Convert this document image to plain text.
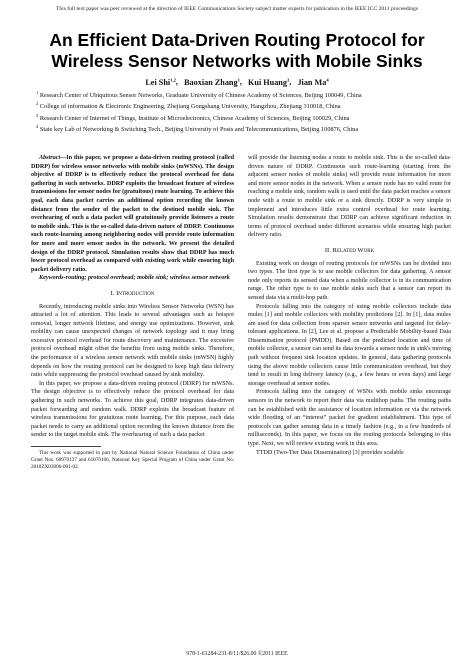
This full text paper was peer reviewed at the direction of IEEE Communications Society subject matter experts for publication in the IEEE ICC 2011 proceedings
An Efficient Data-Driven Routing Protocol for
Wireless Sensor Networks with Mobile Sinks
Lei Shi$^{1,2}$,   Baoxian Zhang$^1$,   Kui Huang$^3$,   Jian Ma$^4$
$^1$ Research Center of Ubiquitous Sensor Networks, Graduate University of Chinese Academy of Sciences, Beijing 100049, China
$^2$ College of information & Electronic Engineering, Zhejiang Gongshang University, Hangzhou, Zhejiang 310018, China
$^3$ Research Center of Internet of Things, Institute of Microelectronics, Chinese Academy of Sciences, Beijing 100029, China
$^4$ State key Lab of Networking & Switching Tech., Beijing University of Posts and Telecommunications, Beijing 100876, China

Abstract—In this paper, we propose a data-driven routing protocol (called DDRP) for wireless sensor networks with mobile sinks (mWSNs). The design objective of DDRP is to effectively reduce the protocol overhead for data gathering in such networks. DDRP exploits the broadcast feature of wireless transmissions for sensor nodes for (gratuitous) route learning. To achieve this goal, each data packet carries an additional option recording the known distance from the sender of the packet to the destined mobile sink. The overhearing of such a data packet will gratuitously provide listeners a route to mobile sink. This is the so-called data-driven nature of DDRP. Continuous such route-learning among neighboring nodes will provide route information for more and more sensor nodes in the network. We present the detailed design of the DDRP protocol. Simulation results show that DDRP has much lower protocol overhead as compared with existing work while ensuring high packet delivery ratio.

Keywords-routing; protocol overhead; mobile sink; wireless sensor network

I. Introduction

Recently, introducing mobile sinks into Wireless Sensor Networks (WSN) has attracted a lot of attention. This leads to several advantages such as hotspot removal, longer network lifetime, and energy use optimizations. However, sink mobility can cause unexpected changes of network topology and it may bring excessive protocol overhead for route discovery and maintenance. The excessive protocol overhead might offset the benefits from using mobile sinks. Therefore, the performance of a wireless sensor network with mobile sinks (mWSN) highly depends on how the routing protocol can be designed to keep high data delivery ratio while suppressing the protocol overhead caused by sink mobility.

In this paper, we propose a data-driven routing protocol (DDRP) for mWSNs. The design objective is to effectively reduce the protocol overhead for data gathering in such networks. To achieve this goal, DDRP integrates data-driven packet forwarding and random walk. DDRP exploits the broadcast feature of wireless transmissions for gratuitous route learning. For this purpose, each data packet needs to carry an additional option recording the known distance from the sender to the target mobile sink. The overhearing of such a data packet

This work was supported in part by National Natural Science Foundation of China under Grant Nos. 60970137 and 61070166, National Key Special Program of China under Grant No. 2010ZX03006-001-02.

will provide the listening nodes a route to mobile sink. This is the so-called data-driven nature of DDRP. Continuous such route-learning (starting from the adjacent sensor nodes of mobile sinks) will provide route information for more and more sensor nodes in the network. When a sensor node has no valid route for reaching a mobile sink, random walk is used until the data packet reaches a sensor node with a route to mobile sink or a sink directly. DDRP is very simple to implement and introduces little extra control overhead for route learning. Simulation results demonstrate that DDRP can achieve significant reduction in terms of protocol overhead under different scenarios while ensuring high packet delivery ratio.

II. Related Work

Existing work on design of routing protocols for mWSNs can be divided into two types. The first type is to use mobile collectors for data gathering. A sensor node only reports its sensed data when a mobile collector is in its communication range. The other type is to use mobile sinks such that a sensor can report its sensed data via a multi-hop path.

Protocols falling into the category of using mobile collectors include data mules [1] and mobile collectors with mobility predictions [2]. In [1], data mules are used for data collection from sparser sensor networks and targeted for delay-tolerant applications. In [2], Lee et al. propose a Predictable Mobility-based Data Dissemination protocol (PMDD). Based on the predicted location and time of mobile collector, a sensor can send its data towards a sensor node in sink's moving path without frequent sink location updates. In general, data gathering protocols using the above mobile collectors cause little communication overhead, but they tend to result in long delivery latency (e.g., a few hours or even days) and large storage overhead at sensor nodes.

Protocols falling into the category of WSNs with mobile sinks encourage sensors in the network to report their data via multihop paths. The routing paths can be established with the assistance of location information or via the network wide flooding of an “interest” packet for gradient establishment. This type of protocols can gather sensing data in a timely fashion (e.g., in a few hundreds of milliseconds). In this paper, we focus on the routing protocols belonging to this type. Next, we will review existing work in this area.

TTDD (Two-Tier Data Dissemination) [3] provides scalable

978-1-61284-231-8/11/$26.00 ©2011 IEEE
